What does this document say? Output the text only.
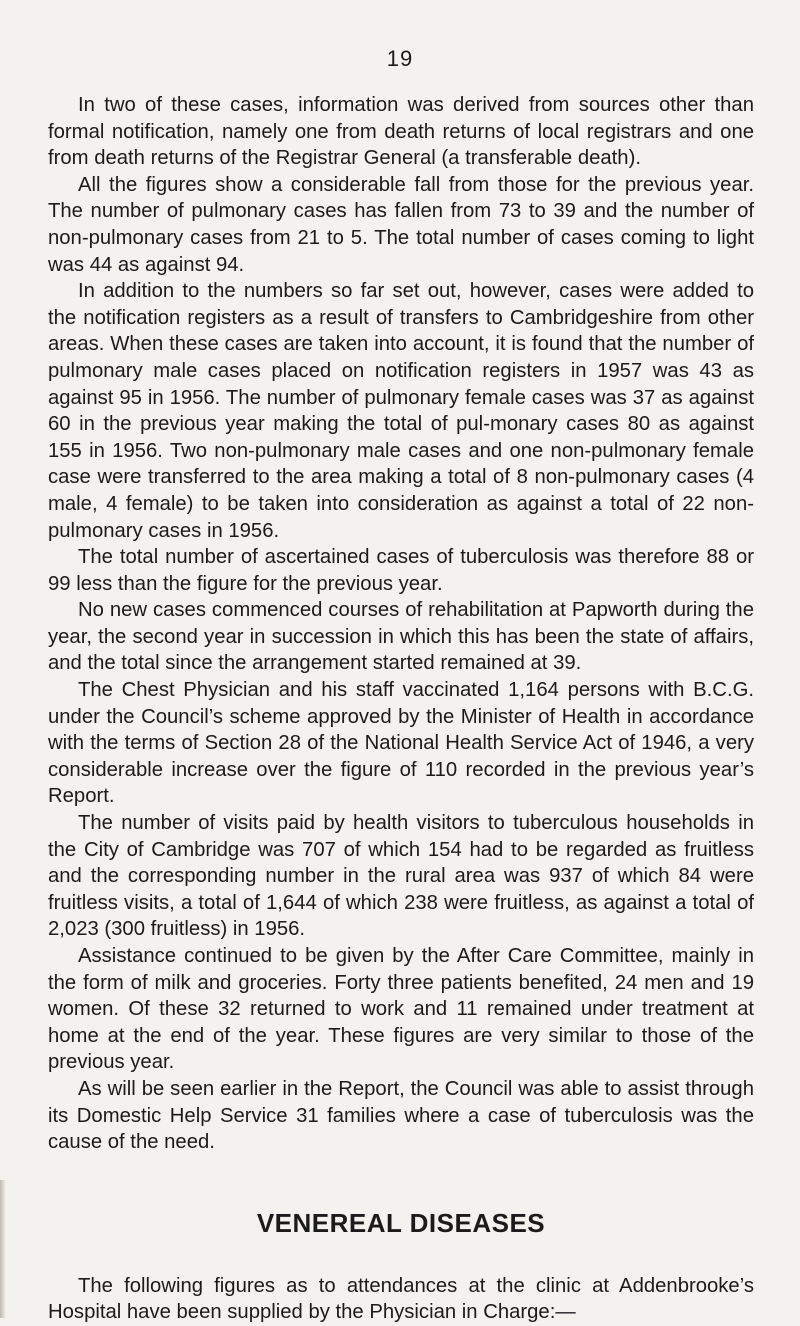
19

In two of these cases, information was derived from sources other than formal notification, namely one from death returns of local registrars and one from death returns of the Registrar General (a transferable death).

All the figures show a considerable fall from those for the previous year. The number of pulmonary cases has fallen from 73 to 39 and the number of non-pulmonary cases from 21 to 5. The total number of cases coming to light was 44 as against 94.

In addition to the numbers so far set out, however, cases were added to the notification registers as a result of transfers to Cambridgeshire from other areas. When these cases are taken into account, it is found that the number of pulmonary male cases placed on notification registers in 1957 was 43 as against 95 in 1956. The number of pulmonary female cases was 37 as against 60 in the previous year making the total of pul-monary cases 80 as against 155 in 1956. Two non-pulmonary male cases and one non-pulmonary female case were transferred to the area making a total of 8 non-pulmonary cases (4 male, 4 female) to be taken into consideration as against a total of 22 non-pulmonary cases in 1956.

The total number of ascertained cases of tuberculosis was therefore 88 or 99 less than the figure for the previous year.

No new cases commenced courses of rehabilitation at Papworth during the year, the second year in succession in which this has been the state of affairs, and the total since the arrangement started remained at 39.

The Chest Physician and his staff vaccinated 1,164 persons with B.C.G. under the Council’s scheme approved by the Minister of Health in accordance with the terms of Section 28 of the National Health Service Act of 1946, a very considerable increase over the figure of 110 recorded in the previous year’s Report.

The number of visits paid by health visitors to tuberculous households in the City of Cambridge was 707 of which 154 had to be regarded as fruitless and the corresponding number in the rural area was 937 of which 84 were fruitless visits, a total of 1,644 of which 238 were fruitless, as against a total of 2,023 (300 fruitless) in 1956.

Assistance continued to be given by the After Care Committee, mainly in the form of milk and groceries. Forty three patients benefited, 24 men and 19 women. Of these 32 returned to work and 11 remained under treatment at home at the end of the year. These figures are very similar to those of the previous year.

As will be seen earlier in the Report, the Council was able to assist through its Domestic Help Service 31 families where a case of tuberculosis was the cause of the need.

VENEREAL DISEASES

The following figures as to attendances at the clinic at Addenbrooke’s Hospital have been supplied by the Physician in Charge:—
